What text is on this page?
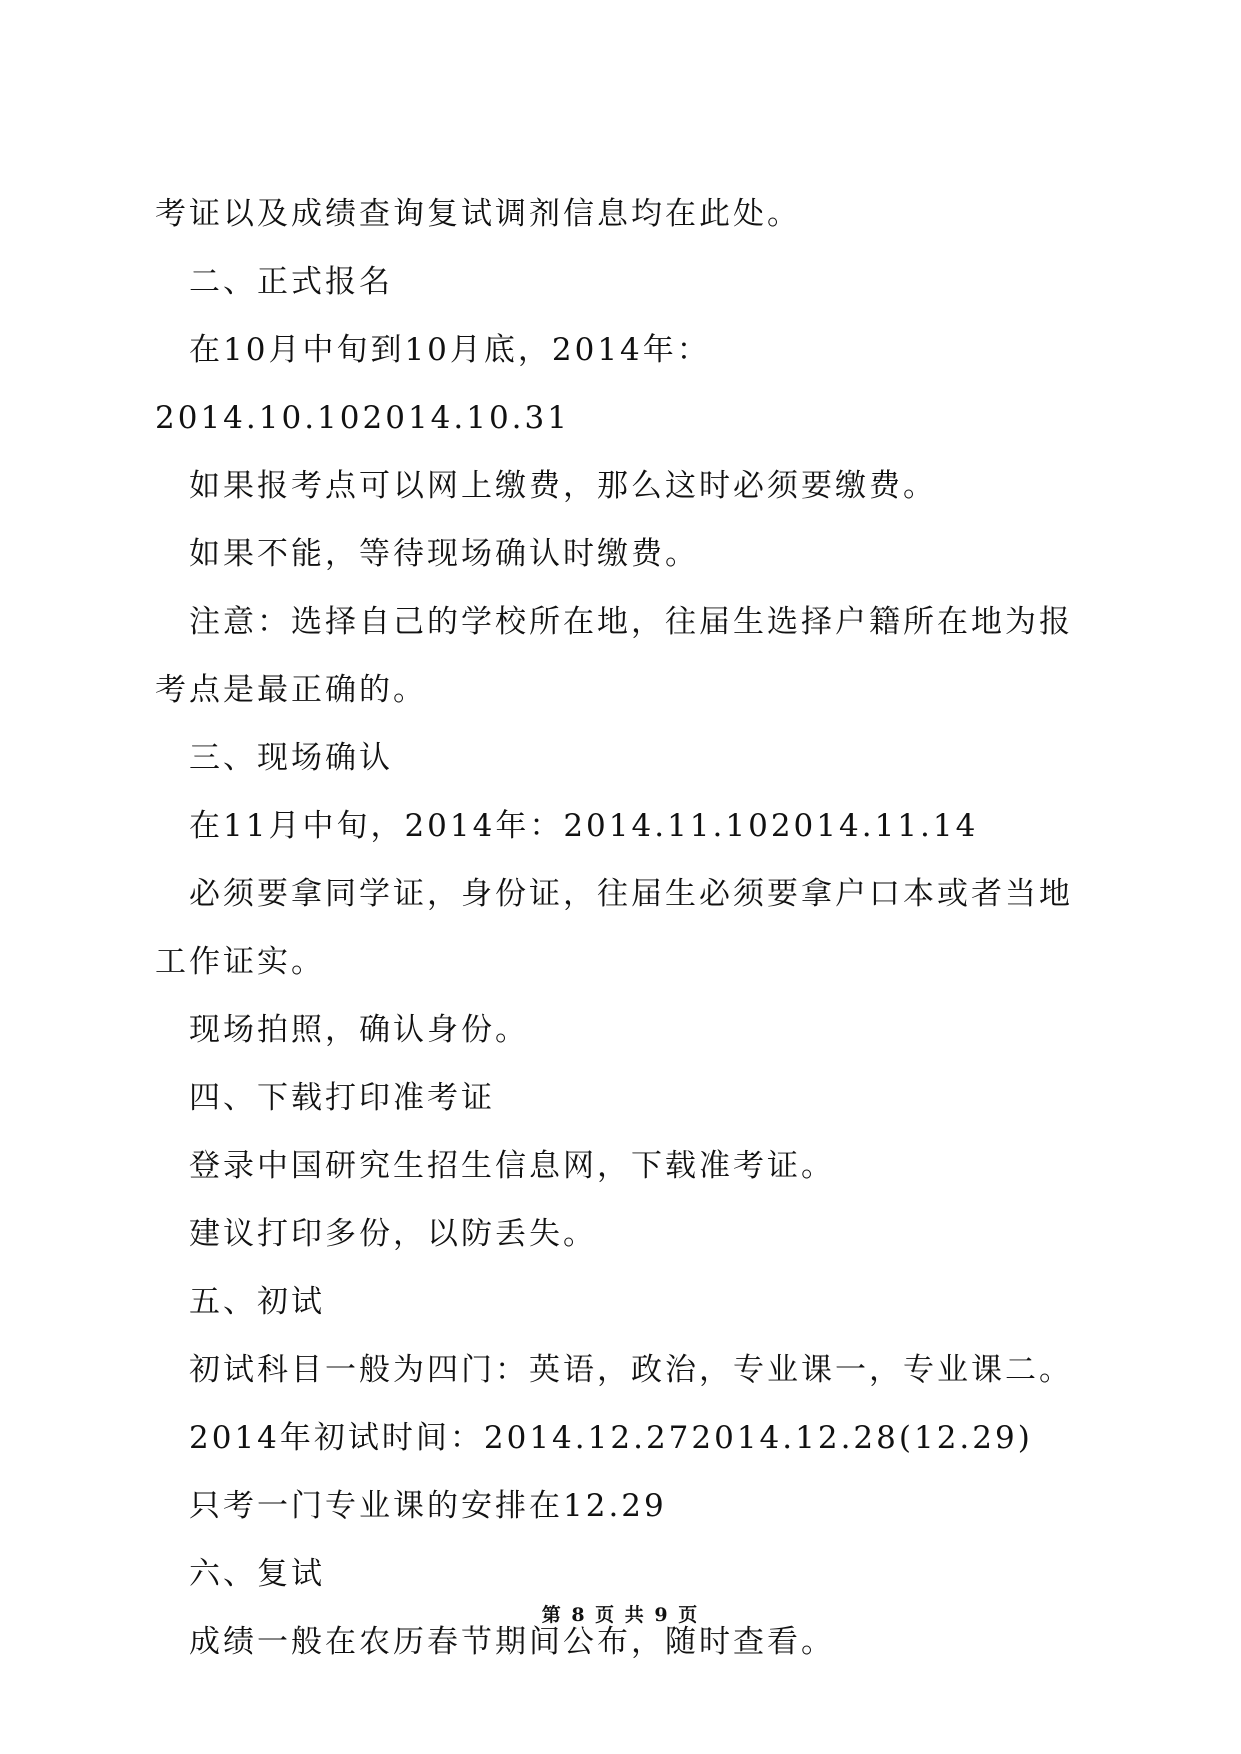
考证以及成绩查询复试调剂信息均在此处。

二、正式报名

在10月中旬到10月底，2014年：2014.10.102014.10.31

如果报考点可以网上缴费，那么这时必须要缴费。

如果不能，等待现场确认时缴费。

注意：选择自己的学校所在地，往届生选择户籍所在地为报考点是最正确的。

三、现场确认

在11月中旬，2014年：2014.11.102014.11.14

必须要拿同学证，身份证，往届生必须要拿户口本或者当地工作证实。

现场拍照，确认身份。

四、下载打印准考证

登录中国研究生招生信息网，下载准考证。

建议打印多份，以防丢失。

五、初试

初试科目一般为四门：英语，政治，专业课一，专业课二。

2014年初试时间：2014.12.272014.12.28(12.29)

只考一门专业课的安排在12.29

六、复试

成绩一般在农历春节期间公布，随时查看。

第 8 页 共 9 页
